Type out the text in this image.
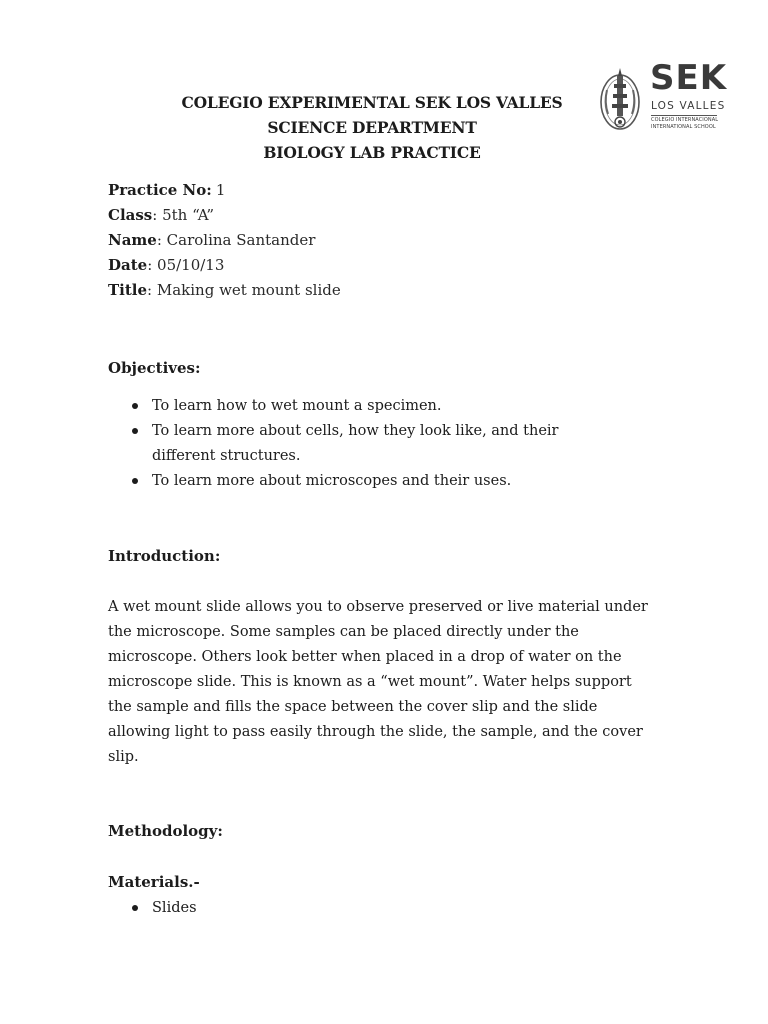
COLEGIO EXPERIMENTAL SEK LOS VALLES
SCIENCE DEPARTMENT
BIOLOGY LAB PRACTICE
SEK
LOS VALLES
COLEGIO INTERNACIONAL
INTERNATIONAL SCHOOL
Practice No: 1
Class: 5th “A”
Name: Carolina Santander
Date: 05/10/13
Title: Making wet mount slide
Objectives:
To learn how to wet mount a specimen.
To learn more about cells, how they look like, and their different structures.
To learn more about microscopes and their uses.
Introduction:

A wet mount slide allows you to observe preserved or live material under the microscope. Some samples can be placed directly under the microscope. Others look better when placed in a drop of water on the microscope slide. This is known as a “wet mount”. Water helps support the sample and fills the space between the cover slip and the slide allowing light to pass easily through the slide, the sample, and the cover slip.

Methodology:
Materials.-
Slides
